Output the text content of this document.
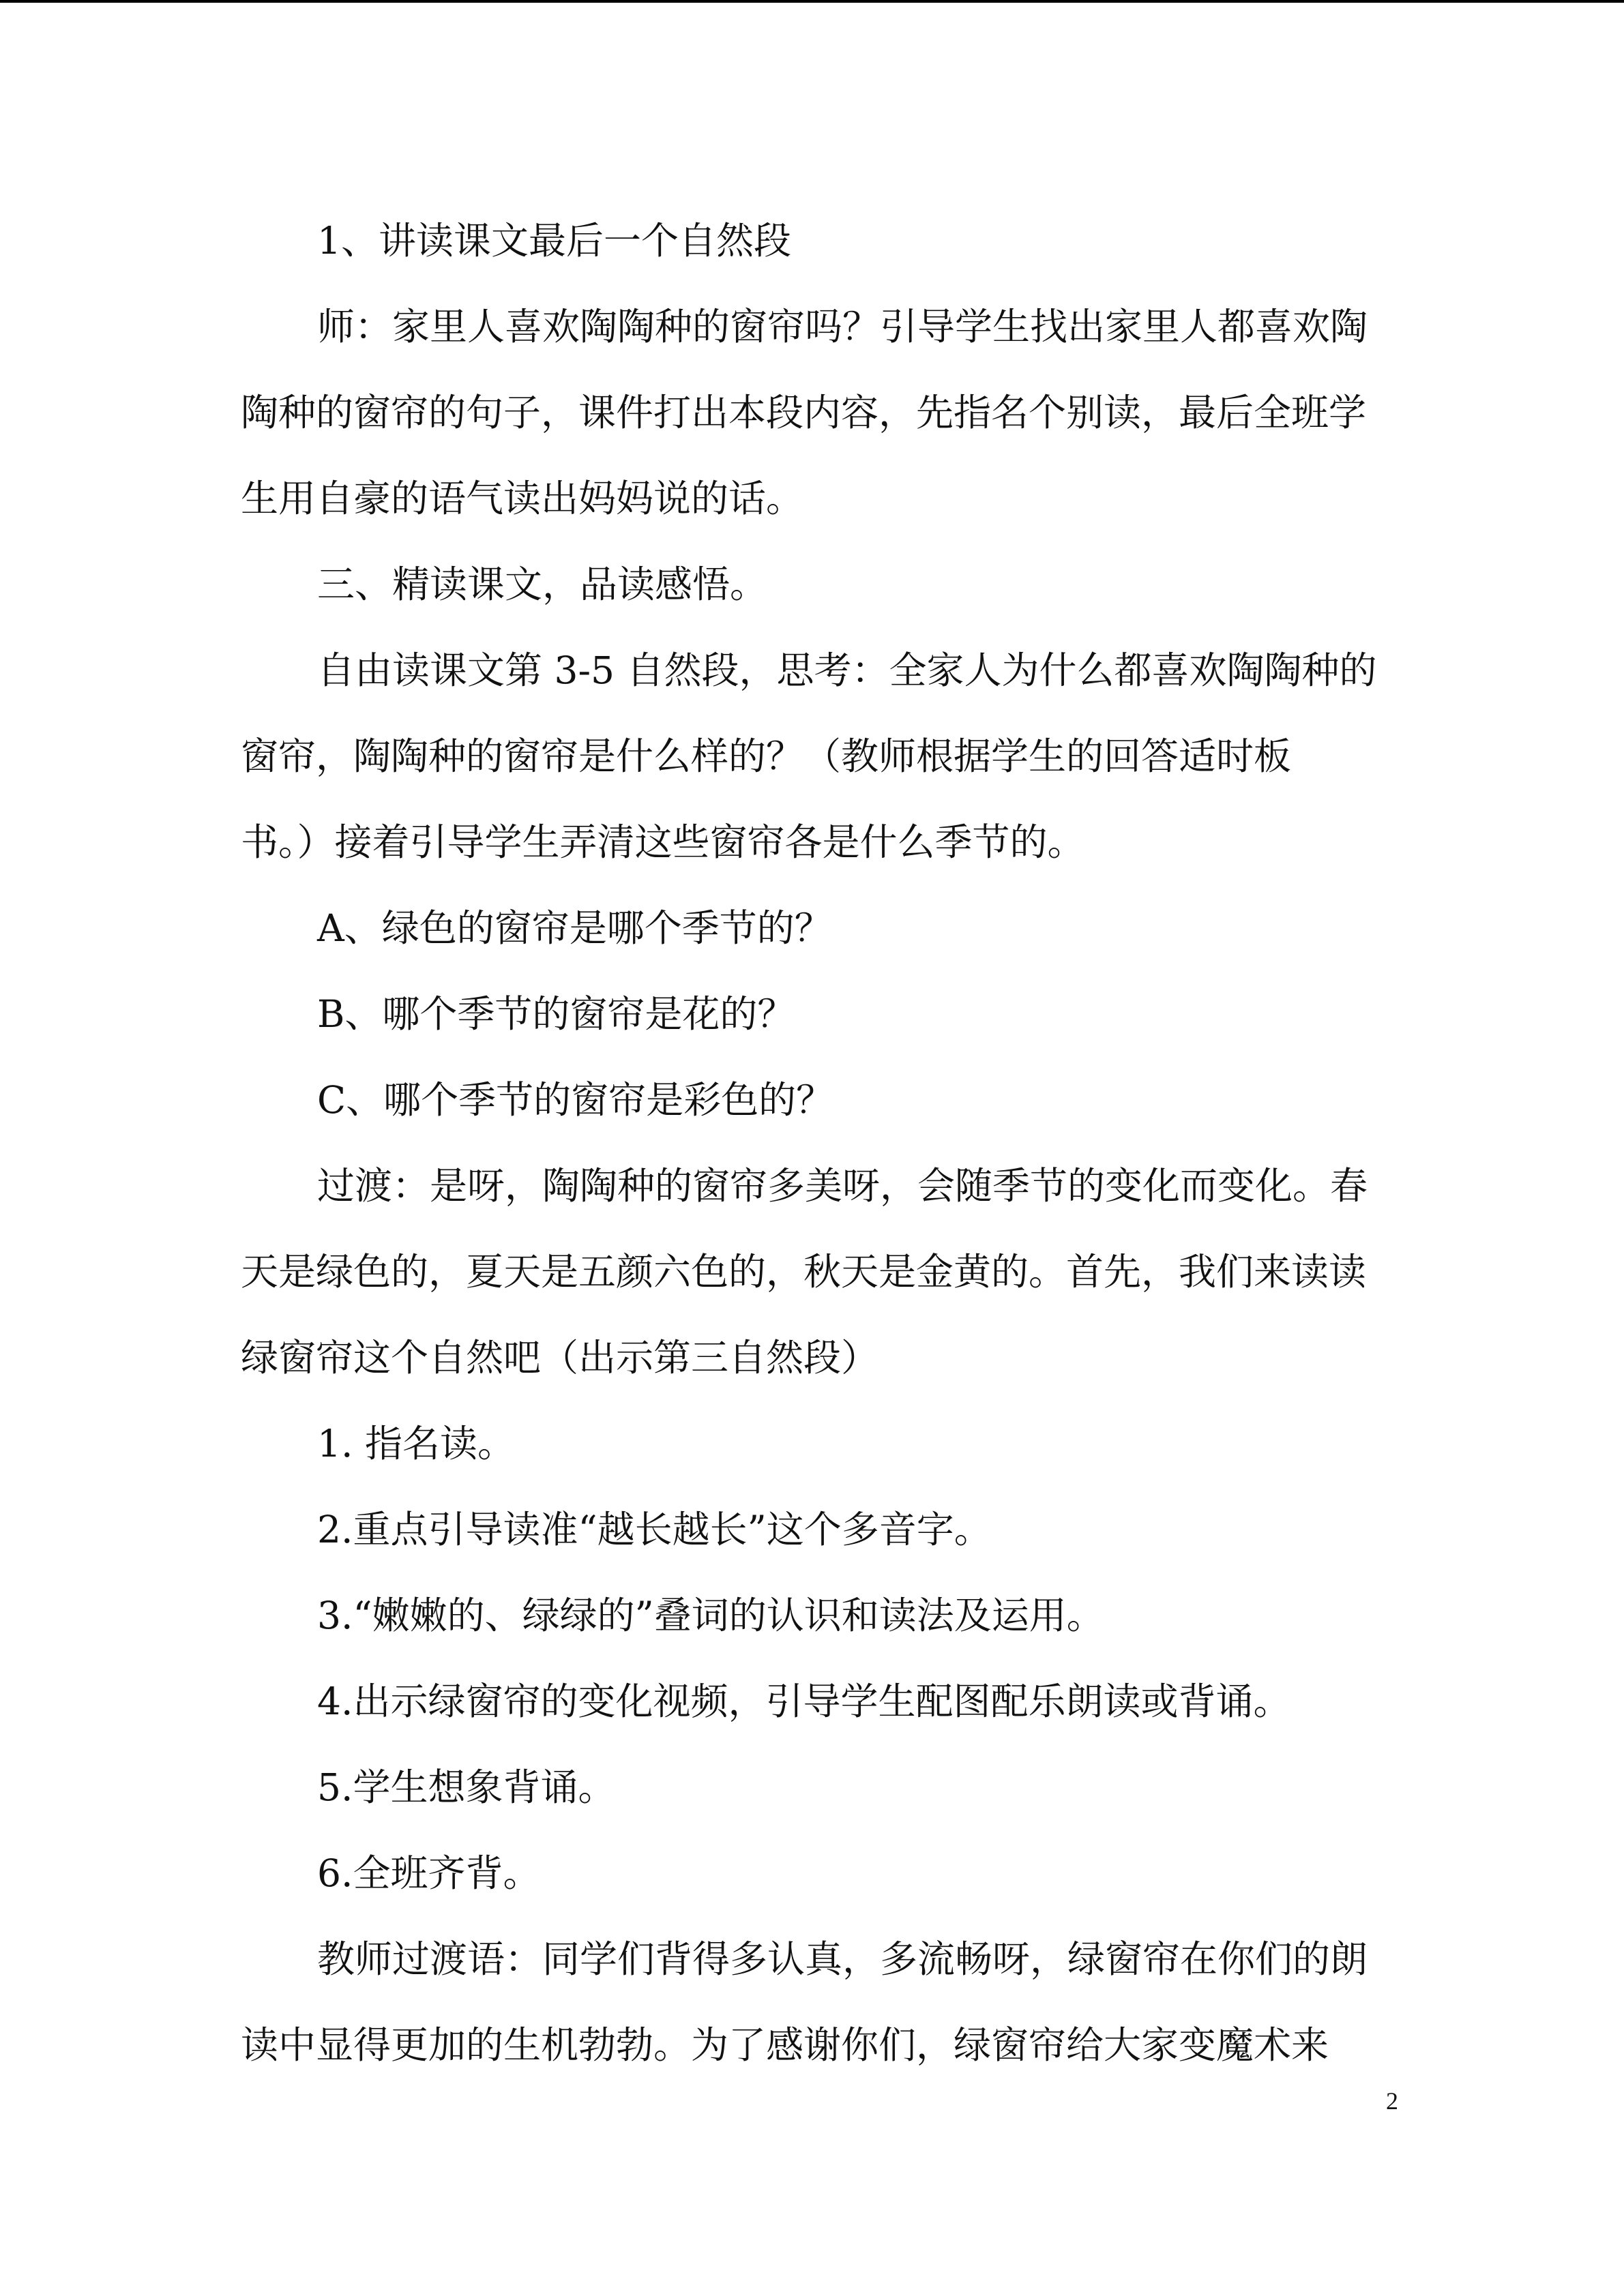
1、讲读课文最后一个自然段
师：家里人喜欢陶陶种的窗帘吗？引导学生找出家里人都喜欢陶
陶种的窗帘的句子，课件打出本段内容，先指名个别读，最后全班学
生用自豪的语气读出妈妈说的话。
三、精读课文，品读感悟。
自由读课文第 3-5 自然段，思考：全家人为什么都喜欢陶陶种的
窗帘，陶陶种的窗帘是什么样的？（教师根据学生的回答适时板
书。）接着引导学生弄清这些窗帘各是什么季节的。
A、绿色的窗帘是哪个季节的？
B、哪个季节的窗帘是花的？
C、哪个季节的窗帘是彩色的？
过渡：是呀，陶陶种的窗帘多美呀，会随季节的变化而变化。春
天是绿色的，夏天是五颜六色的，秋天是金黄的。首先，我们来读读
绿窗帘这个自然吧（出示第三自然段）
1. 指名读。
2.重点引导读准“越长越长”这个多音字。
3.“嫩嫩的、绿绿的”叠词的认识和读法及运用。
4.出示绿窗帘的变化视频，引导学生配图配乐朗读或背诵。
5.学生想象背诵。
6.全班齐背。
教师过渡语：同学们背得多认真，多流畅呀，绿窗帘在你们的朗
读中显得更加的生机勃勃。为了感谢你们，绿窗帘给大家变魔术来
2
